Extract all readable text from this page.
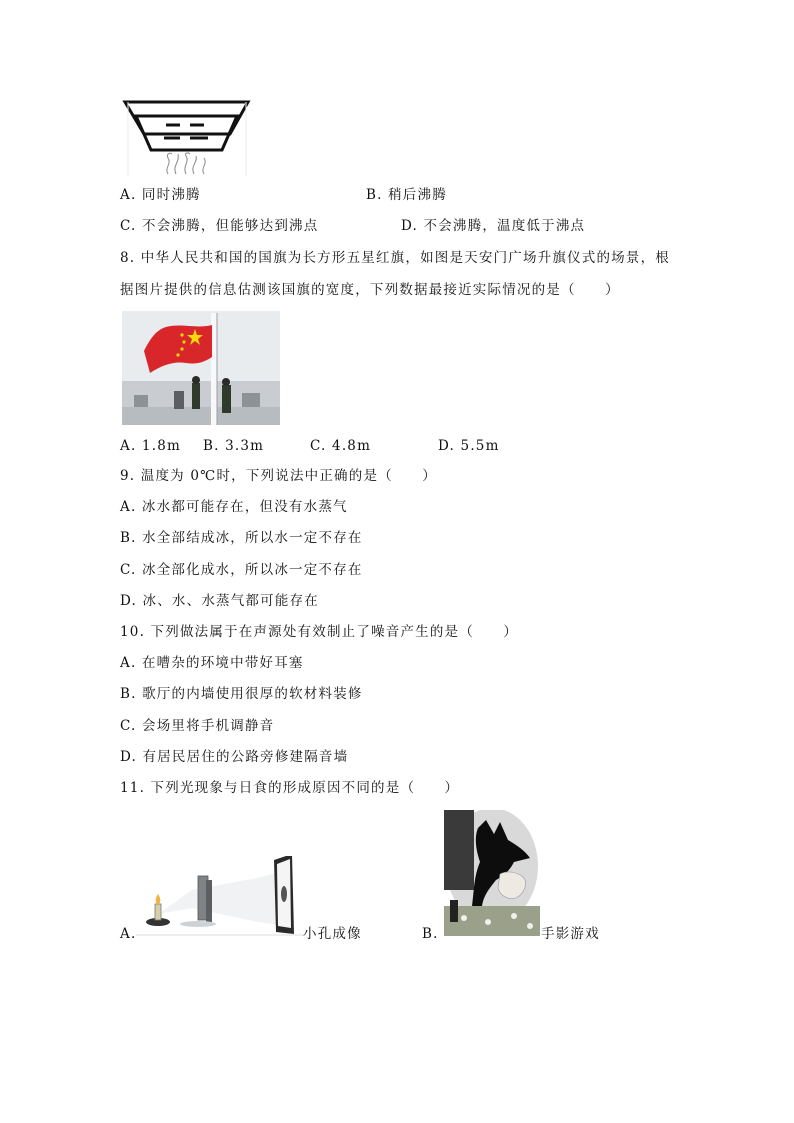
A. 同时沸腾	B. 稍后沸腾
C. 不会沸腾，但能够达到沸点	D. 不会沸腾，温度低于沸点
8. 中华人民共和国的国旗为长方形五星红旗，如图是天安门广场升旗仪式的场景，根
据图片提供的信息估测该国旗的宽度，下列数据最接近实际情况的是（　　）
A. 1.8m B. 3.3m	C. 4.8m	D. 5.5m
9. 温度为 0℃时，下列说法中正确的是（　　）
A. 冰水都可能存在，但没有水蒸气
B. 水全部结成冰，所以水一定不存在
C. 冰全部化成水，所以冰一定不存在
D. 冰、水、水蒸气都可能存在
10. 下列做法属于在声源处有效制止了噪音产生的是（　　）
A. 在嘈杂的环境中带好耳塞
B. 歌厅的内墙使用很厚的软材料装修
C. 会场里将手机调静音
D. 有居民居住的公路旁修建隔音墙
11. 下列光现象与日食的形成原因不同的是（　　）
A.	小孔成像	B.	手影游戏
